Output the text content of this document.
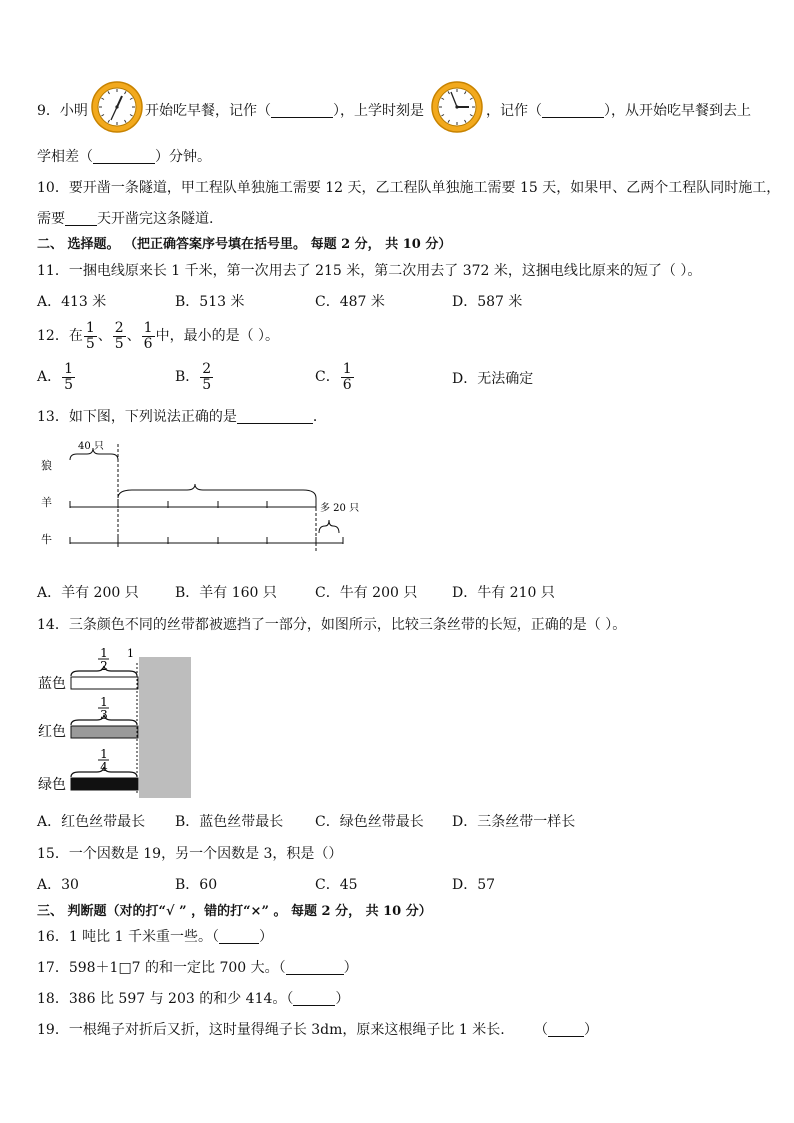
9．小明	开始吃早餐，记作（	），上学时刻是	，记作（	），从开始吃早餐到去上
学相差（	）分钟。
10．要开凿一条隧道，甲工程队单独施工需要 12 天，乙工程队单独施工需要 15 天，如果甲、乙两个工程队同时施工，
需要 天开凿完这条隧道.
二、 选择题。 （把正确答案序号填在括号里。 每题 2 分， 共 10 分）
11．一捆电线原来长 1 千米，第一次用去了 215 米，第二次用去了 372 米，这捆电线比原来的短了（ ）。
A．413 米	B．513 米	C．487 米	D．587 米
12．在 $\frac{1}{5}$ 、 $\frac{2}{5}$ 、 $\frac{1}{6}$ 中，最小的是（ ）。
A． $\frac{1}{5}$	B． $\frac{2}{5}$	C． $\frac{1}{6}$	D．无法确定
13．如下图，下列说法正确的是	．
狼
羊
牛
40 只
多 20 只
A．羊有 200 只	B．羊有 160 只	C．牛有 200 只 D．牛有 210 只
14．三条颜色不同的丝带都被遮挡了一部分，如图所示，比较三条丝带的长短，正确的是（ ）。
1
1
2
蓝色
1
3
红色
1
4
绿色
A．红色丝带最长 B．蓝色丝带最长 C．绿色丝带最长 D．三条丝带一样长
15．一个因数是 19，另一个因数是 3，积是（）
A．30	B．60	C．45	D．57
三、 判断题（对的打“√ ” ，错的打“×” 。 每题 2 分， 共 10 分）
16．1 吨比 1 千米重一些。（	）
17．598＋1□7 的和一定比 700 大。（	）
18．386 比 597 与 203 的和少 414。（	）
19．一根绳子对折后又折，这时量得绳子长 3dm，原来这根绳子比 1 米长. （	）
